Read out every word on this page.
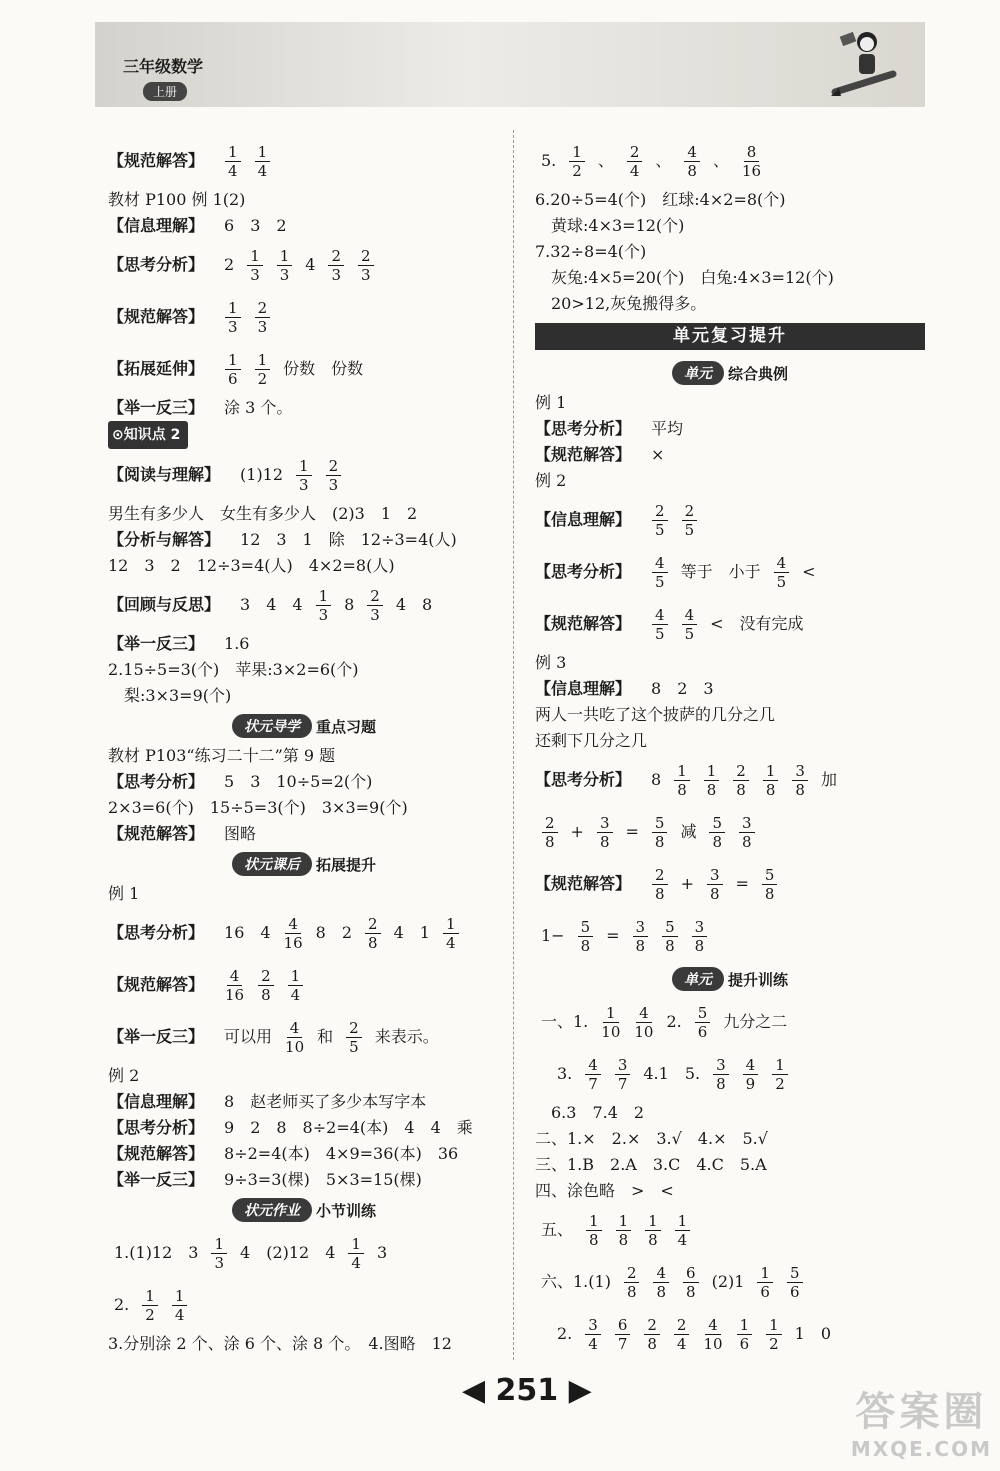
三年级数学
上册
【规范解答】 $\frac{1}{4} \frac{1}{4}$
教材 P100 例 1(2)
【信息理解】 6　3　2
【思考分析】 $2 \frac{1}{3} \frac{1}{3} 4 \frac{2}{3} \frac{2}{3}$
【规范解答】 $\frac{1}{3} \frac{2}{3}$
【拓展延伸】 $\frac{1}{6} \frac{1}{2}$ 份数　份数
【举一反三】 涂 3 个。
⊙知识点 2
【阅读与理解】 $(1)12 \frac{1}{3} \frac{2}{3}$
男生有多少人　女生有多少人　(2)3　1　2
【分析与解答】 12　3　1　除　12÷3=4(人)
12　3　2　12÷3=4(人)　4×2=8(人)
【回顾与反思】 3　4　$4 \frac{1}{3} 8 \frac{2}{3} 4$　8
【举一反三】 1.6
2.15÷5=3(个)　苹果:3×2=6(个)
　梨:3×3=9(个)
状元导学	重点习题
教材 P103“练习二十二”第 9 题
【思考分析】 5　3　10÷5=2(个)
2×3=6(个)　15÷5=3(个)　3×3=9(个)
【规范解答】 图略
状元课后	拓展提升
例 1
【思考分析】 16　$4 \frac{4}{16} 8$　$2 \frac{2}{8} 4$　$1 \frac{1}{4}$
【规范解答】 $\frac{4}{16} \frac{2}{8} \frac{1}{4}$
【举一反三】 可以用 $\frac{4}{10}$ 和 $\frac{2}{5}$ 来表示。
例 2
【信息理解】 8　赵老师买了多少本写字本
【思考分析】 9　2　8　8÷2=4(本)　4　4　乘
【规范解答】 8÷2=4(本)　4×9=36(本)　36
【举一反三】 9÷3=3(棵)　5×3=15(棵)
状元作业	小节训练
1.(1)12　$3 \frac{1}{3} 4$　(2)12　$4 \frac{1}{4} 3$
2. $\frac{1}{2} \frac{1}{4}$
3.分别涂 2 个、涂 6 个、涂 8 个。　4.图略　12
5. $\frac{1}{2}$ 、 $\frac{2}{4}$ 、 $\frac{4}{8}$ 、 $\frac{8}{16}$
6.20÷5=4(个)　红球:4×2=8(个)
　黄球:4×3=12(个)
7.32÷8=4(个)
　灰兔:4×5=20(个)　白兔:4×3=12(个)
　20>12,灰兔搬得多。
单元复习提升
单元	综合典例
例 1
【思考分析】 平均
【规范解答】 ×
例 2
【信息理解】 $\frac{2}{5} \frac{2}{5}$
【思考分析】 $\frac{4}{5}$ 等于　小于 $\frac{4}{5}$ <
【规范解答】 $\frac{4}{5} \frac{4}{5}$ <　没有完成
例 3
【信息理解】 8　2　3
两人一共吃了这个披萨的几分之几
还剩下几分之几
【思考分析】 $8 \frac{1}{8} \frac{1}{8} \frac{2}{8} \frac{1}{8} \frac{3}{8}$ 加
$\frac{2}{8} + \frac{3}{8} = \frac{5}{8}$ 减 $\frac{5}{8} \frac{3}{8}$
【规范解答】 $\frac{2}{8} + \frac{3}{8} = \frac{5}{8}$
$1- \frac{5}{8} = \frac{3}{8} \frac{5}{8} \frac{3}{8}$
单元	提升训练
一、1. $\frac{1}{10} \frac{4}{10} 2$. $\frac{5}{6}$ 九分之二
　3. $\frac{4}{7} \frac{3}{7} 4.1$　5. $\frac{3}{8} \frac{4}{9} \frac{1}{2}$
　6.3　7.4　2
二、1.×　2.×　3.√　4.×　5.√
三、1.B　2.A　3.C　4.C　5.A
四、涂色略　>　<
五、 $\frac{1}{8} \frac{1}{8} \frac{1}{8} \frac{1}{4}$
六、$1.(1) \frac{2}{8} \frac{4}{8} \frac{6}{8} (2)1 \frac{1}{6} \frac{5}{6}$
　2. $\frac{3}{4} \frac{6}{7} \frac{2}{8} \frac{2}{4} \frac{4}{10} \frac{1}{6} \frac{1}{2} 1$　0
◀ 251 ▶	答案圈
MXQE.COM
